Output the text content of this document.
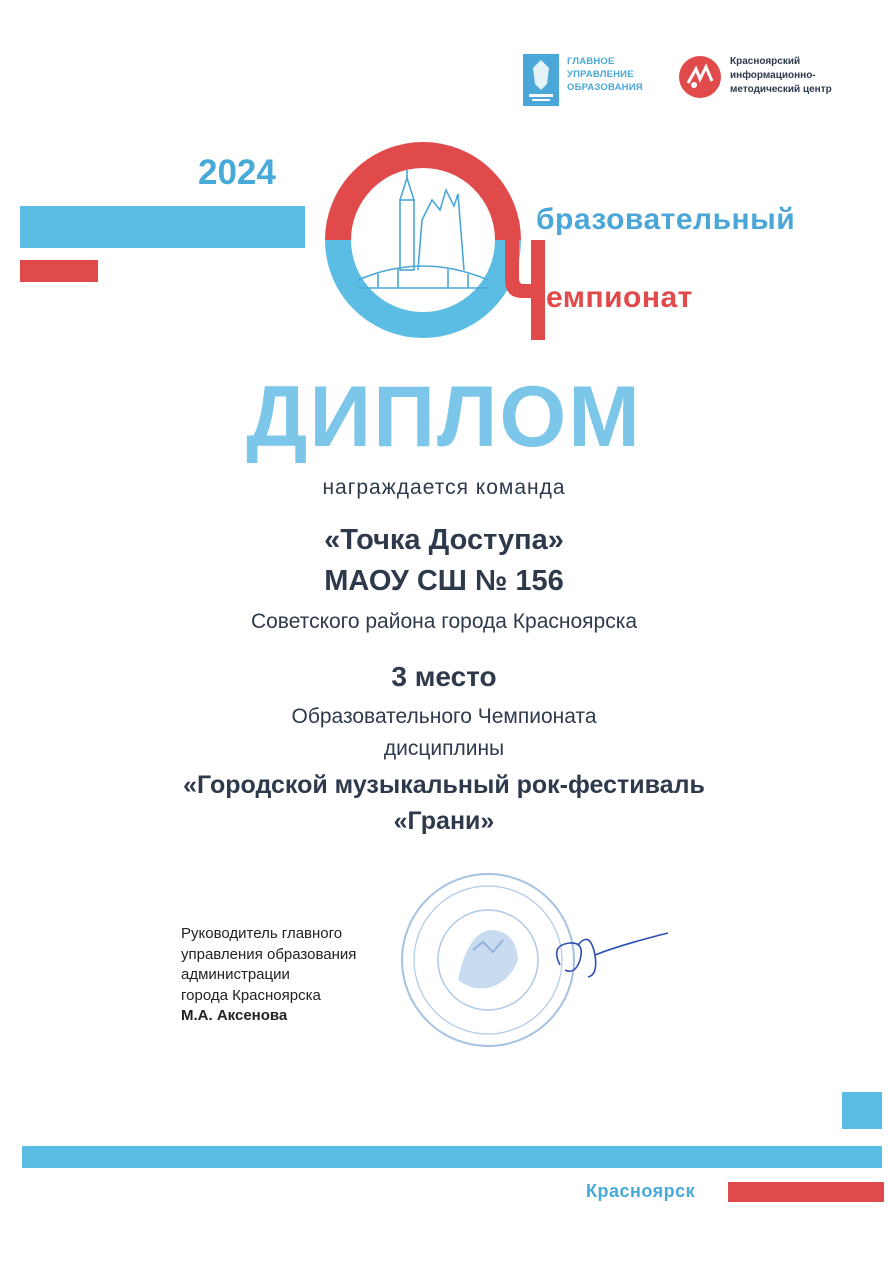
ГЛАВНОЕ
УПРАВЛЕНИЕ
ОБРАЗОВАНИЯ
Красноярский
информационно-
методический центр
2024
бразовательный
емпионат
ДИПЛОМ
награждается команда
«Точка Доступа»
МАОУ СШ № 156
Советского района города Красноярска
3 место
Образовательного Чемпионата
дисциплины
«Городской музыкальный рок-фестиваль
«Грани»
Руководитель главного
управления образования
администрации
города Красноярска
М.А. Аксенова
Красноярск
